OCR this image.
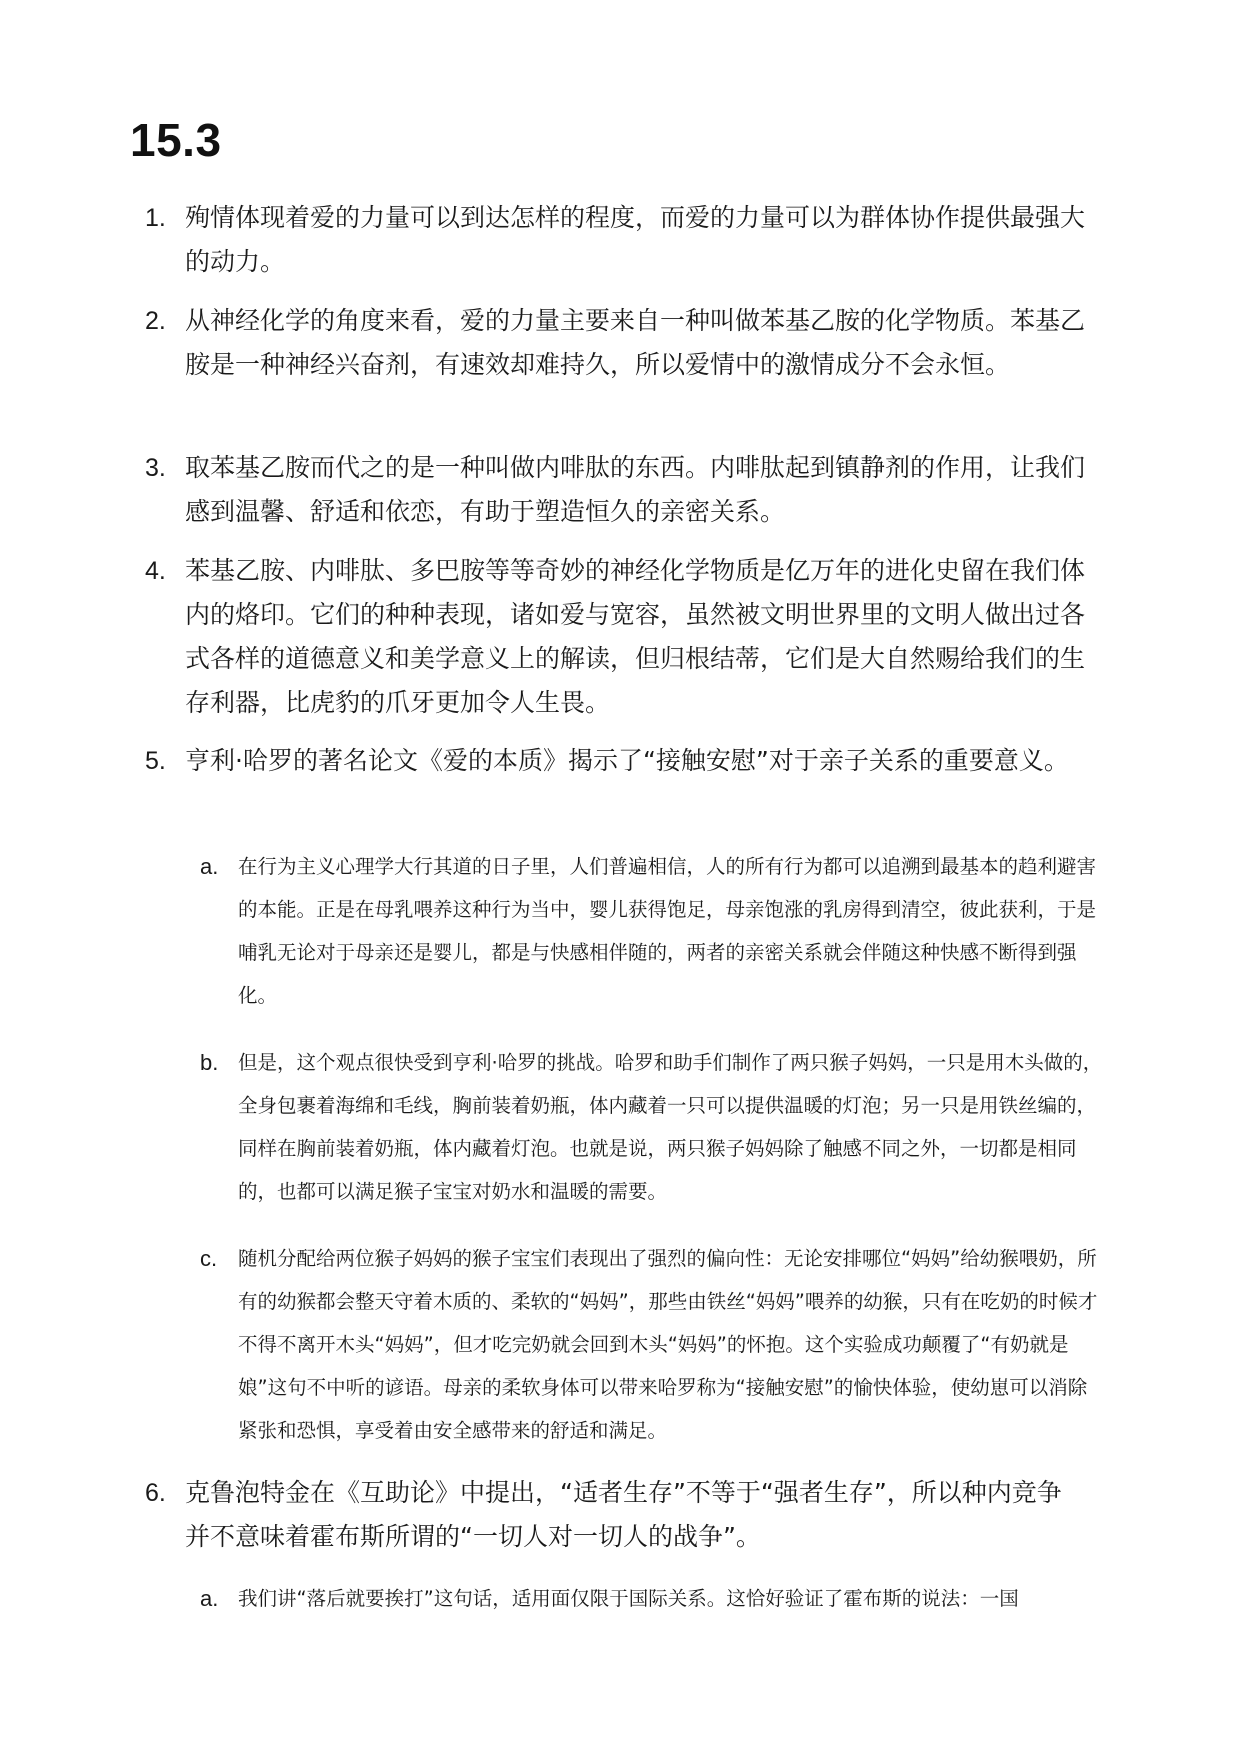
15.3
1. 殉情体现着爱的力量可以到达怎样的程度，而爱的力量可以为群体协作提供最强大的动力。
2. 从神经化学的角度来看，爱的力量主要来自一种叫做苯基乙胺的化学物质。苯基乙胺是一种神经兴奋剂，有速效却难持久，所以爱情中的激情成分不会永恒。
3. 取苯基乙胺而代之的是一种叫做内啡肽的东西。内啡肽起到镇静剂的作用，让我们感到温馨、舒适和依恋，有助于塑造恒久的亲密关系。
4. 苯基乙胺、内啡肽、多巴胺等等奇妙的神经化学物质是亿万年的进化史留在我们体内的烙印。它们的种种表现，诸如爱与宽容，虽然被文明世界里的文明人做出过各式各样的道德意义和美学意义上的解读，但归根结蒂，它们是大自然赐给我们的生存利器，比虎豹的爪牙更加令人生畏。
5. 亨利·哈罗的著名论文《爱的本质》揭示了“接触安慰”对于亲子关系的重要意义。
a.	在行为主义心理学大行其道的日子里，人们普遍相信，人的所有行为都可以追溯到最基本的趋利避害的本能。正是在母乳喂养这种行为当中，婴儿获得饱足，母亲饱涨的乳房得到清空，彼此获利，于是哺乳无论对于母亲还是婴儿，都是与快感相伴随的，两者的亲密关系就会伴随这种快感不断得到强化。
b.	但是，这个观点很快受到亨利·哈罗的挑战。哈罗和助手们制作了两只猴子妈妈，一只是用木头做的，全身包裹着海绵和毛线，胸前装着奶瓶，体内藏着一只可以提供温暖的灯泡；另一只是用铁丝编的，同样在胸前装着奶瓶，体内藏着灯泡。也就是说，两只猴子妈妈除了触感不同之外，一切都是相同的，也都可以满足猴子宝宝对奶水和温暖的需要。
c.	随机分配给两位猴子妈妈的猴子宝宝们表现出了强烈的偏向性：无论安排哪位“妈妈”给幼猴喂奶，所有的幼猴都会整天守着木质的、柔软的“妈妈”，那些由铁丝“妈妈”喂养的幼猴，只有在吃奶的时候才不得不离开木头“妈妈”，但才吃完奶就会回到木头“妈妈”的怀抱。这个实验成功颠覆了“有奶就是娘”这句不中听的谚语。母亲的柔软身体可以带来哈罗称为“接触安慰”的愉快体验，使幼崽可以消除紧张和恐惧，享受着由安全感带来的舒适和满足。
6. 克鲁泡特金在《互助论》中提出，“适者生存”不等于“强者生存”，所以种内竞争并不意味着霍布斯所谓的“一切人对一切人的战争”。
a.	我们讲“落后就要挨打”这句话，适用面仅限于国际关系。这恰好验证了霍布斯的说法：一国
